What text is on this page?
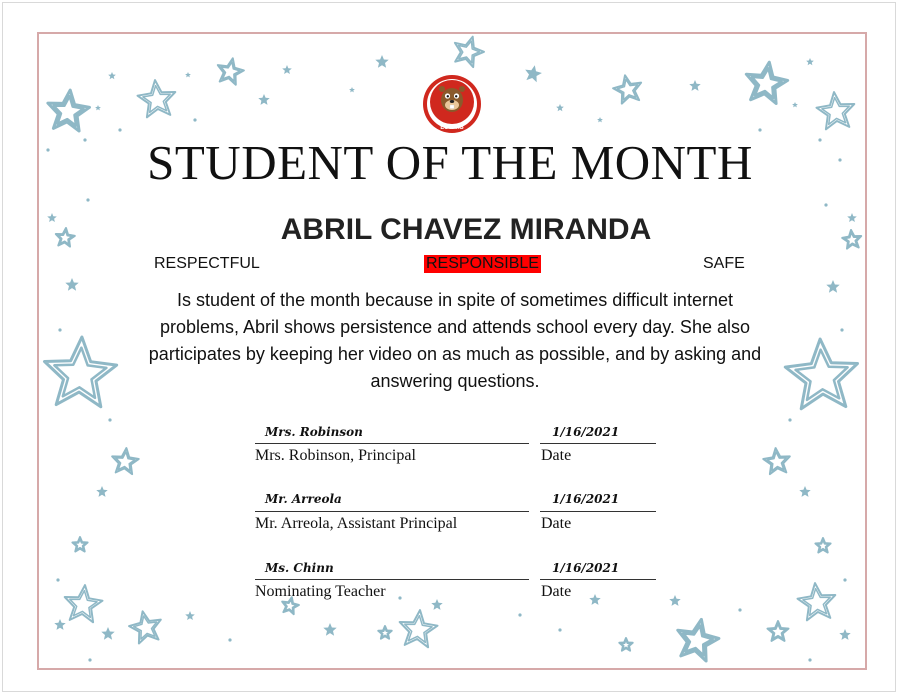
LOWTIS
STUDENT OF THE MONTH
ABRIL CHAVEZ MIRANDA
RESPECTFUL	RESPONSIBLE	SAFE
Is student of the month because in spite of sometimes difficult internet problems, Abril shows persistence and attends school every day. She also participates by keeping her video on as much as possible, and by asking and answering questions.
Mrs. Robinson	1/16/2021
Mrs. Robinson, Principal	Date
Mr. Arreola	1/16/2021
Mr. Arreola, Assistant Principal	Date
Ms. Chinn	1/16/2021
Nominating Teacher	Date
